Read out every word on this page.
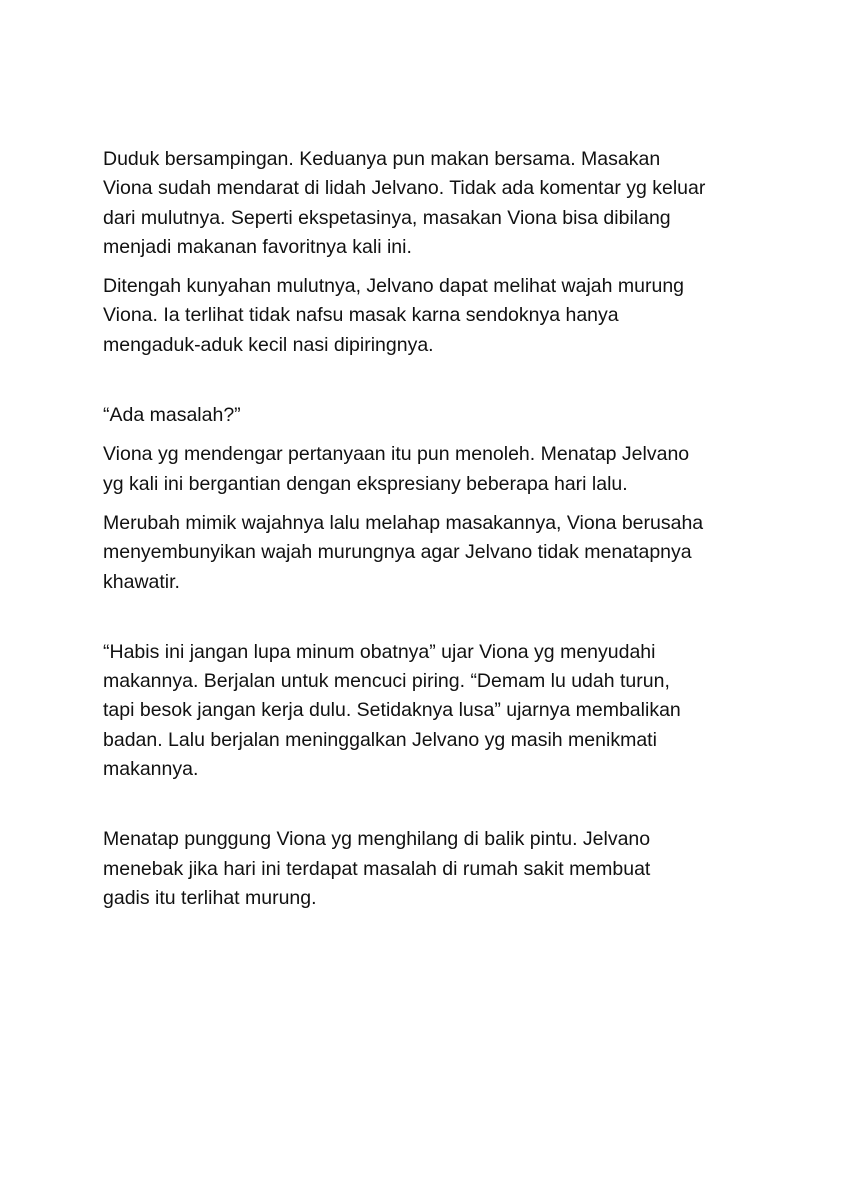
Duduk bersampingan. Keduanya pun makan bersama. Masakan
Viona sudah mendarat di lidah Jelvano. Tidak ada komentar yg keluar
dari mulutnya. Seperti ekspetasinya, masakan Viona bisa dibilang
menjadi makanan favoritnya kali ini.

Ditengah kunyahan mulutnya, Jelvano dapat melihat wajah murung
Viona. Ia terlihat tidak nafsu masak karna sendoknya hanya
mengaduk-aduk kecil nasi dipiringnya.

“Ada masalah?”

Viona yg mendengar pertanyaan itu pun menoleh. Menatap Jelvano
yg kali ini bergantian dengan ekspresiany beberapa hari lalu.

Merubah mimik wajahnya lalu melahap masakannya, Viona berusaha
menyembunyikan wajah murungnya agar Jelvano tidak menatapnya
khawatir.

“Habis ini jangan lupa minum obatnya” ujar Viona yg menyudahi
makannya. Berjalan untuk mencuci piring. “Demam lu udah turun,
tapi besok jangan kerja dulu. Setidaknya lusa” ujarnya membalikan
badan. Lalu berjalan meninggalkan Jelvano yg masih menikmati
makannya.

Menatap punggung Viona yg menghilang di balik pintu. Jelvano
menebak jika hari ini terdapat masalah di rumah sakit membuat
gadis itu terlihat murung.
